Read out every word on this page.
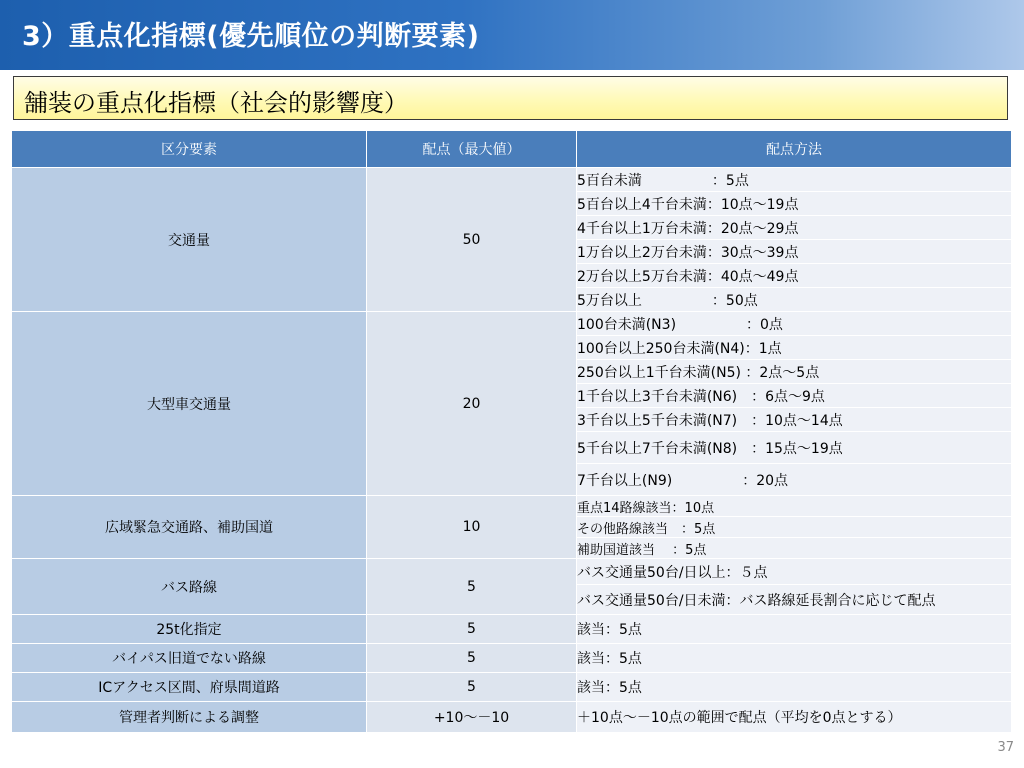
3）重点化指標(優先順位の判断要素)
舗装の重点化指標（社会的影響度）
区分要素	配点（最大値）	配点方法
交通量	50	5百台未満　　　　　：5点
		5百台以上4千台未満：10点～19点
		4千台以上1万台未満：20点～29点
		1万台以上2万台未満：30点～39点
		2万台以上5万台未満：40点～49点
		5万台以上　　　　　：50点
大型車交通量	20	100台未満(N3)　　　　　：0点
		100台以上250台未満(N4)：1点
		250台以上1千台未満(N5) ：2点～5点
		1千台以上3千台未満(N6)　：6点～9点
		3千台以上5千台未満(N7)　：10点～14点
		5千台以上7千台未満(N8)　：15点～19点
		7千台以上(N9)　　　　　：20点
広域緊急交通路、補助国道	10	重点14路線該当：10点
		その他路線該当　：5点
		補助国道該当　 ：5点
バス路線	5	バス交通量50台/日以上：５点
		バス交通量50台/日未満：バス路線延長割合に応じて配点
25t化指定	5	該当：5点
バイパス旧道でない路線	5	該当：5点
ICアクセス区間、府県間道路	5	該当：5点
管理者判断による調整	+10～－10	＋10点～－10点の範囲で配点（平均を0点とする）
37
